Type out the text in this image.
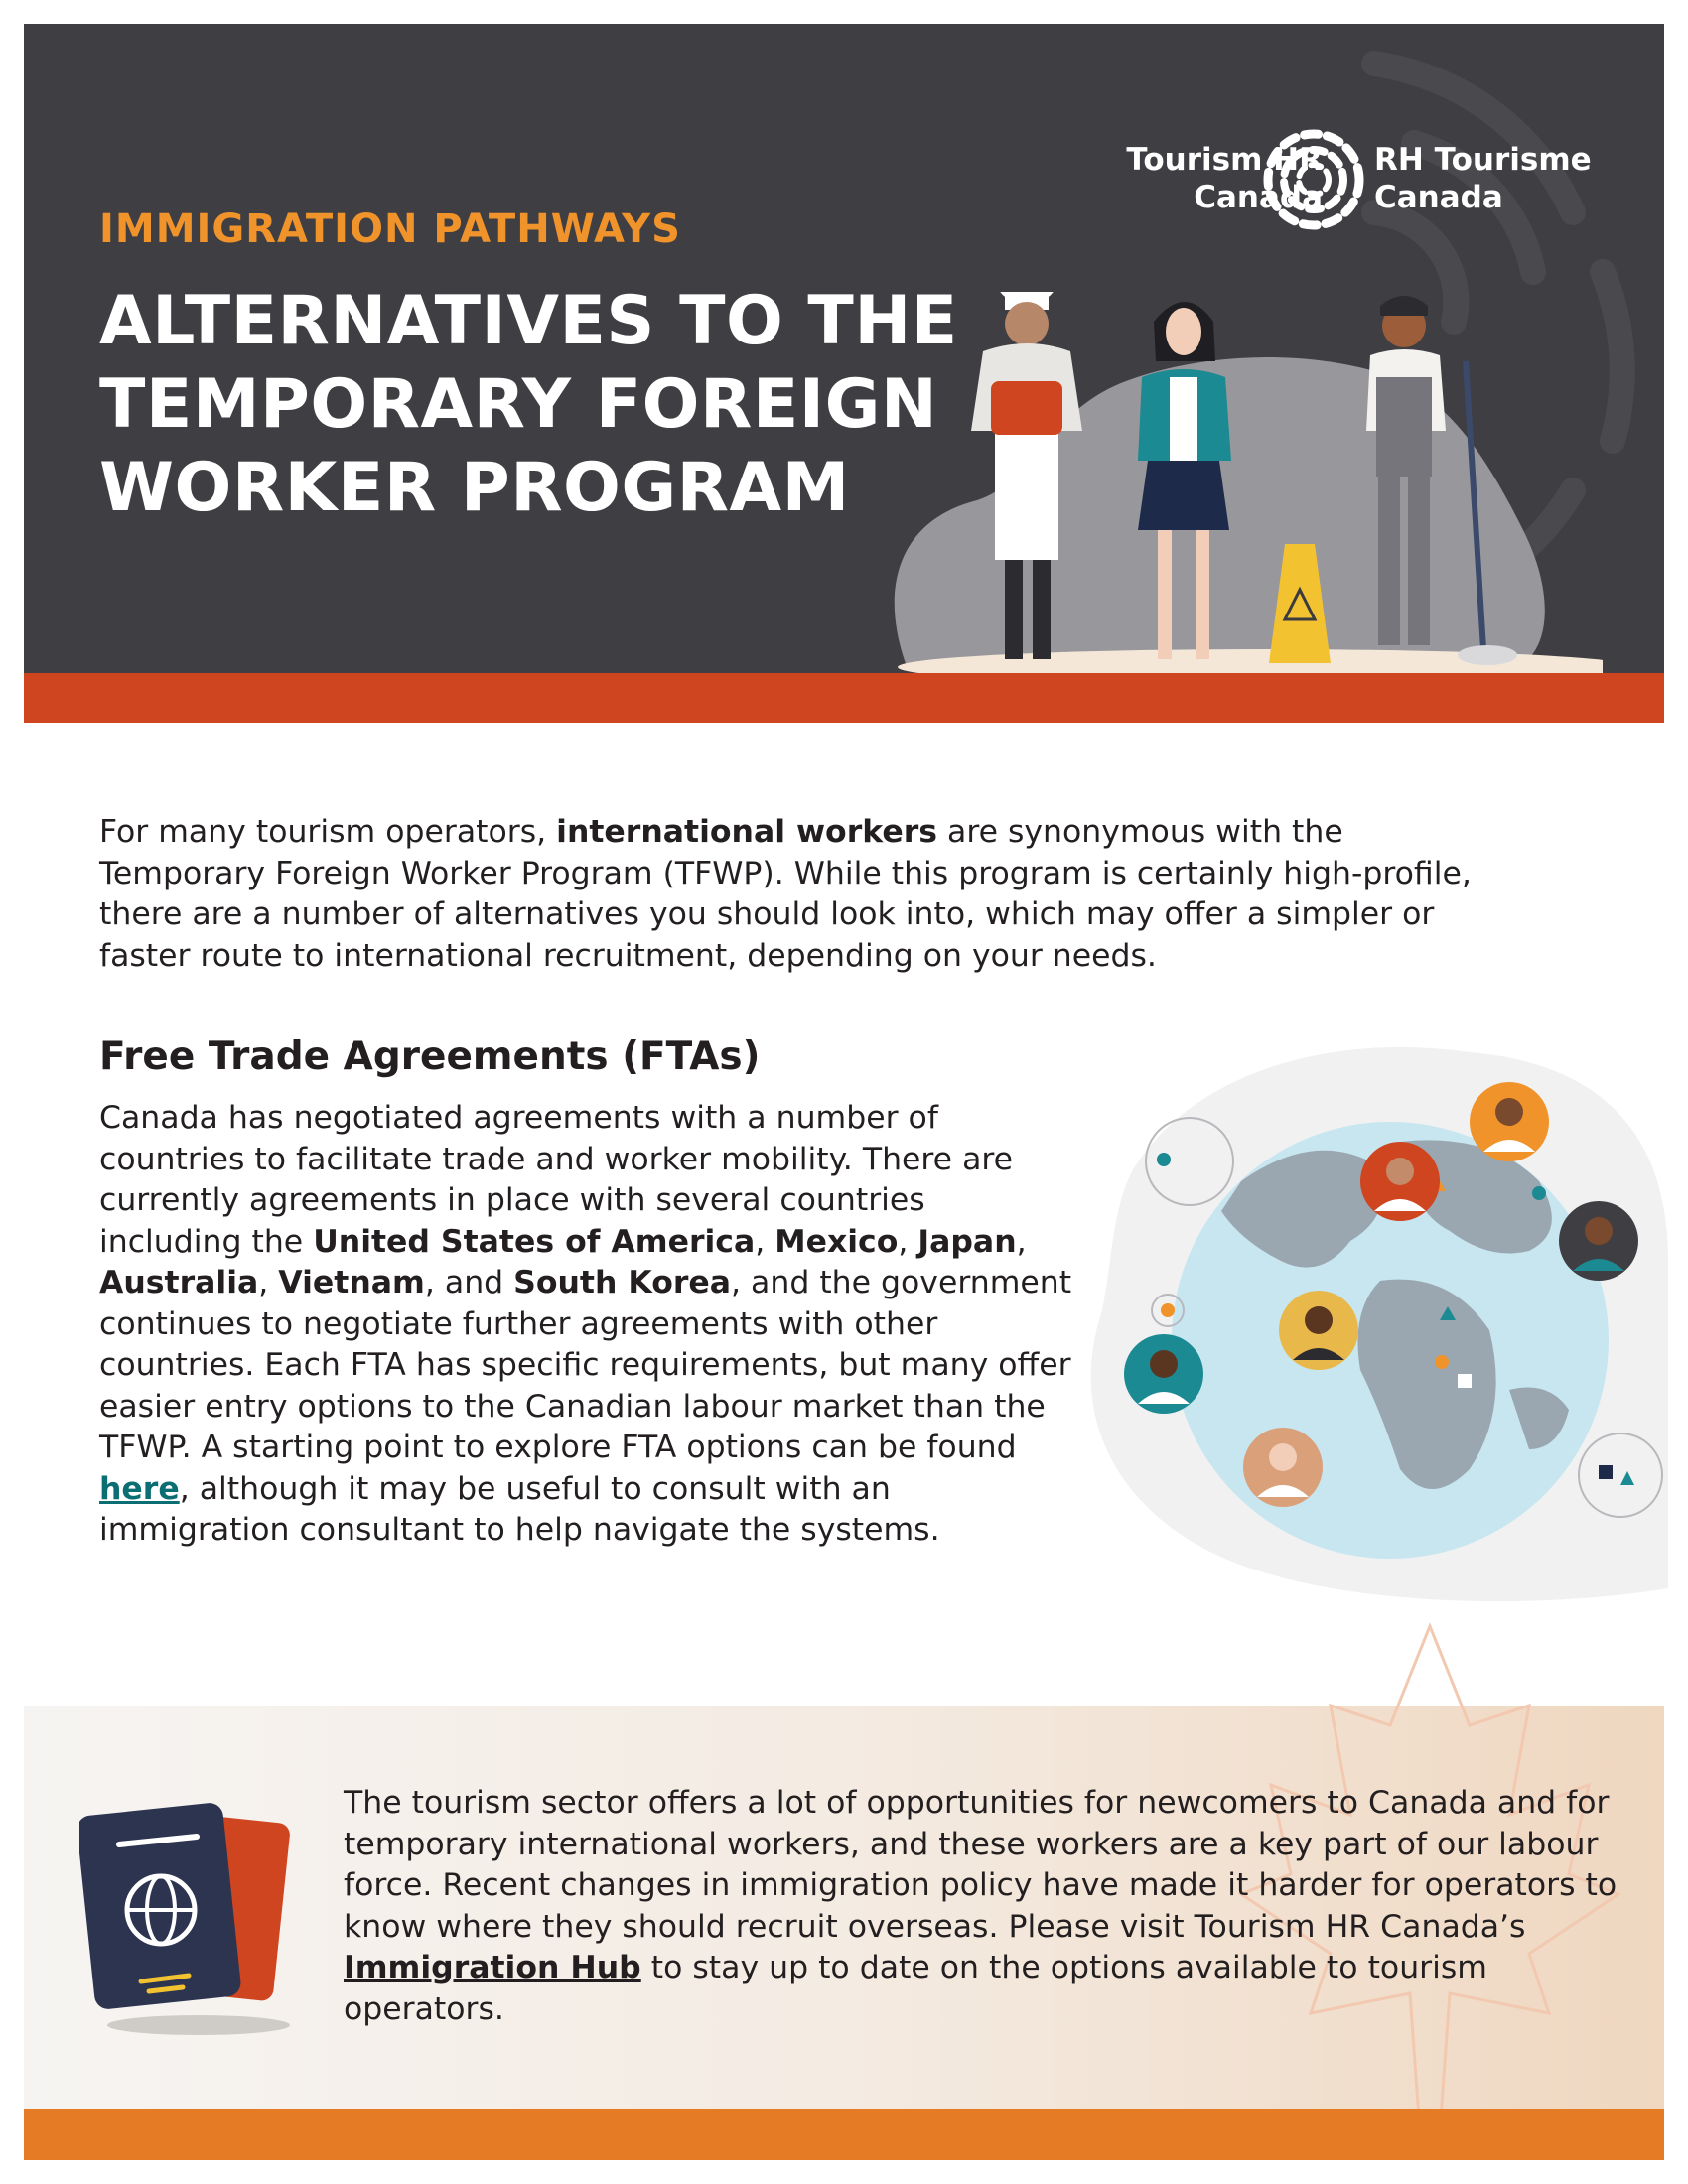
IMMIGRATION PATHWAYS

ALTERNATIVES TO THE
TEMPORARY FOREIGN
WORKER PROGRAM
Tourism HR
Canada
RH Tourisme
Canada

For many tourism operators, international workers are synonymous with the Temporary Foreign Worker Program (TFWP). While this program is certainly high-profile, there are a number of alternatives you should look into, which may offer a simpler or faster route to international recruitment, depending on your needs.

Free Trade Agreements (FTAs)

Canada has negotiated agreements with a number of countries to facilitate trade and worker mobility. There are currently agreements in place with several countries including the United States of America, Mexico, Japan, Australia, Vietnam, and South Korea, and the government continues to negotiate further agreements with other countries. Each FTA has specific requirements, but many offer easier entry options to the Canadian labour market than the TFWP. A starting point to explore FTA options can be found here, although it may be useful to consult with an immigration consultant to help navigate the systems.

The tourism sector offers a lot of opportunities for newcomers to Canada and for temporary international workers, and these workers are a key part of our labour force. Recent changes in immigration policy have made it harder for operators to know where they should recruit overseas. Please visit Tourism HR Canada’s Immigration Hub to stay up to date on the options available to tourism operators.
